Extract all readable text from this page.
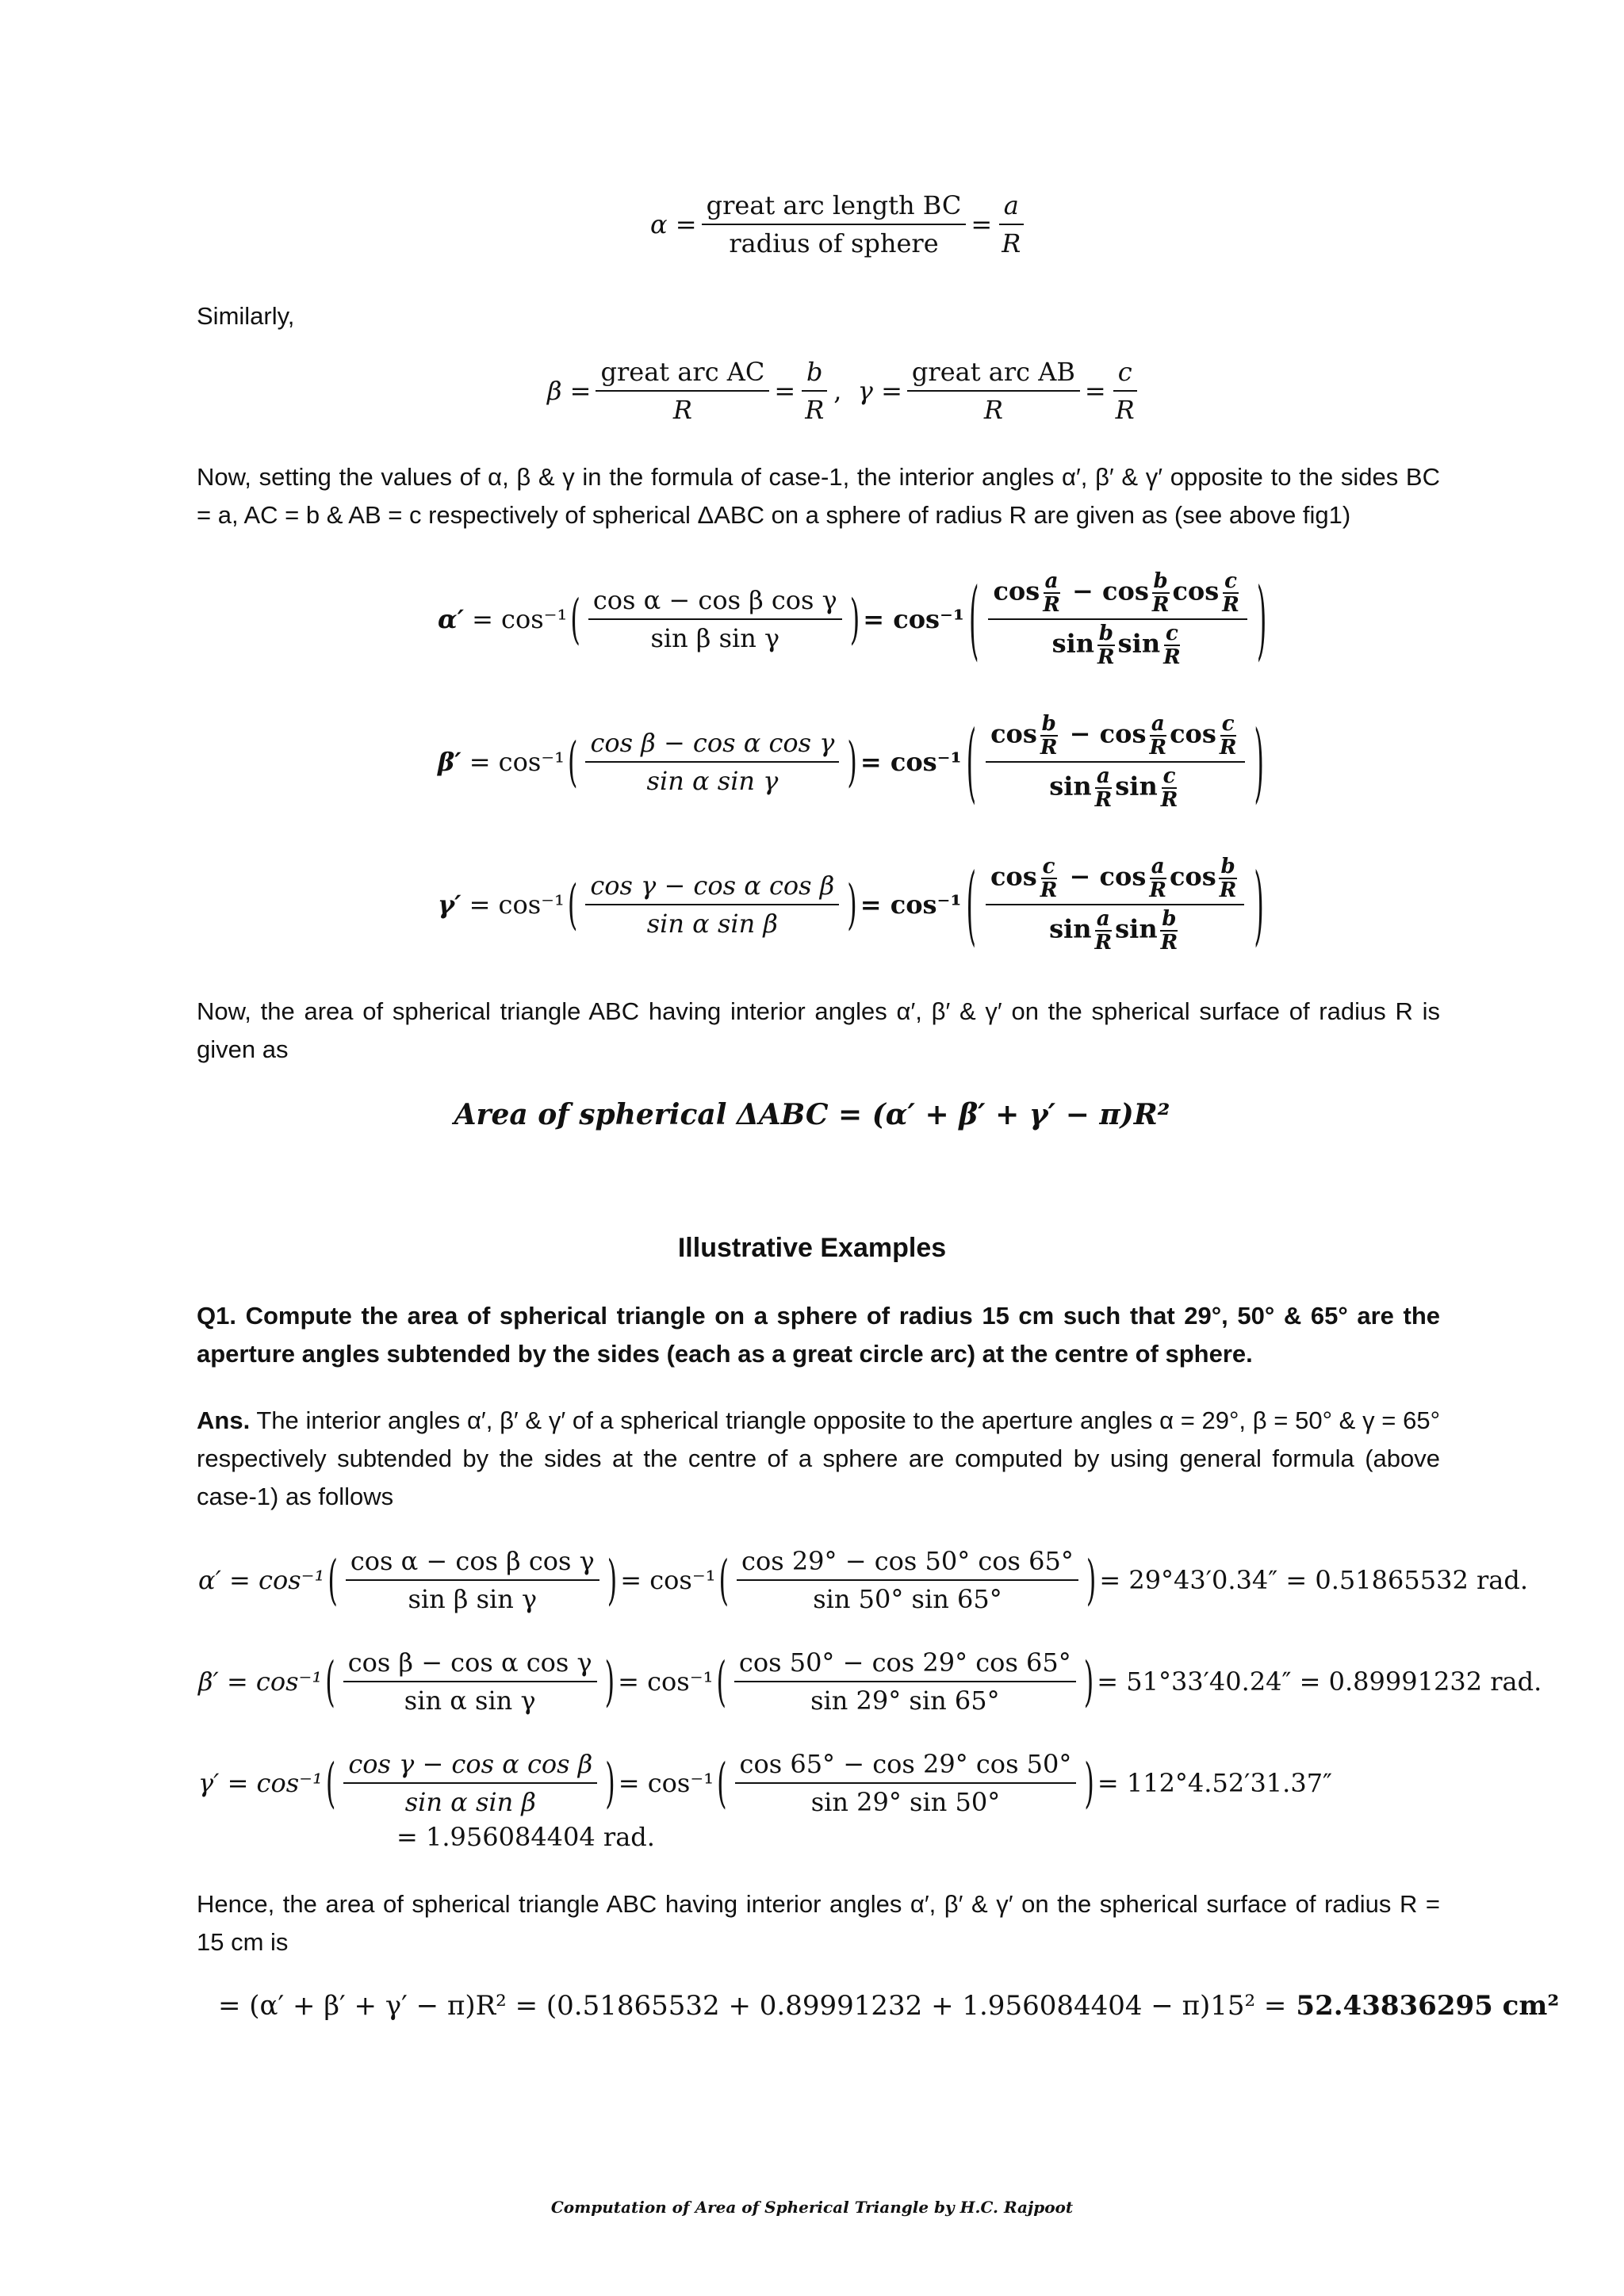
$\alpha = \frac{\text{great arc length BC}}{\text{radius of sphere}} = \frac{a}{R}$
Similarly,
$\beta = \frac{\text{great arc AC}}{R} = \frac{b}{R}$ , $\gamma = \frac{\text{great arc AB}}{R} = \frac{c}{R}$
Now, setting the values of α, β & γ in the formula of case-1, the interior angles α′, β′ & γ′ opposite to the sides BC = a, AC = b & AB = c respectively of spherical ΔABC on a sphere of radius R are given as (see above fig1)
α′ = cos⁻¹ ( $\frac{\text{cos α − cos β cos γ}}{\text{sin β sin γ}}$ ) = cos⁻¹ ( $\frac{\cos \frac{a}{R} - \cos \frac{b}{R} \cos \frac{c}{R}}{\sin \frac{b}{R} \sin \frac{c}{R}}$ )
β′ = cos⁻¹ ( $\frac{\text{cos β − cos α cos γ}}{\text{sin α sin γ}}$ ) = cos⁻¹ ( $\frac{\cos \frac{b}{R} - \cos \frac{a}{R} \cos \frac{c}{R}}{\sin \frac{a}{R} \sin \frac{c}{R}}$ )
γ′ = cos⁻¹ ( $\frac{\text{cos γ − cos α cos β}}{\text{sin α sin β}}$ ) = cos⁻¹ ( $\frac{\cos \frac{c}{R} - \cos \frac{a}{R} \cos \frac{b}{R}}{\sin \frac{a}{R} \sin \frac{b}{R}}$ )
Now, the area of spherical triangle ABC having interior angles α′, β′ & γ′ on the spherical surface of radius R is given as
Area of spherical ΔABC = (α′ + β′ + γ′ − π)R²
Illustrative Examples
Q1. Compute the area of spherical triangle on a sphere of radius 15 cm such that 29°, 50° & 65° are the aperture angles subtended by the sides (each as a great circle arc) at the centre of sphere.
Ans. The interior angles α′, β′ & γ′ of a spherical triangle opposite to the aperture angles α = 29°, β = 50° & γ = 65° respectively subtended by the sides at the centre of a sphere are computed by using general formula (above case-1) as follows
α′ = cos⁻¹ ( $\frac{\text{cos α − cos β cos γ}}{\text{sin β sin γ}}$ ) = cos⁻¹ ( $\frac{\cos 29^\circ - \cos 50^\circ \cos 65^\circ}{\sin 50^\circ \sin 65^\circ}$ ) = 29°43′0.34″ = 0.51865532 rad.
β′ = cos⁻¹ ( $\frac{\text{cos β − cos α cos γ}}{\text{sin α sin γ}}$ ) = cos⁻¹ ( $\frac{\cos 50^\circ - \cos 29^\circ \cos 65^\circ}{\sin 29^\circ \sin 65^\circ}$ ) = 51°33′40.24″ = 0.89991232 rad.
γ′ = cos⁻¹ ( $\frac{\text{cos γ − cos α cos β}}{\text{sin α sin β}}$ ) = cos⁻¹ ( $\frac{\cos 65^\circ - \cos 29^\circ \cos 50^\circ}{\sin 29^\circ \sin 50^\circ}$ ) = 112°4.52′31.37″
= 1.956084404 rad.
Hence, the area of spherical triangle ABC having interior angles α′, β′ & γ′ on the spherical surface of radius R = 15 cm is
= (α′ + β′ + γ′ − π)R² = (0.51865532 + 0.89991232 + 1.956084404 − π)15² = 52.43836295 cm²
Computation of Area of Spherical Triangle by H.C. Rajpoot
